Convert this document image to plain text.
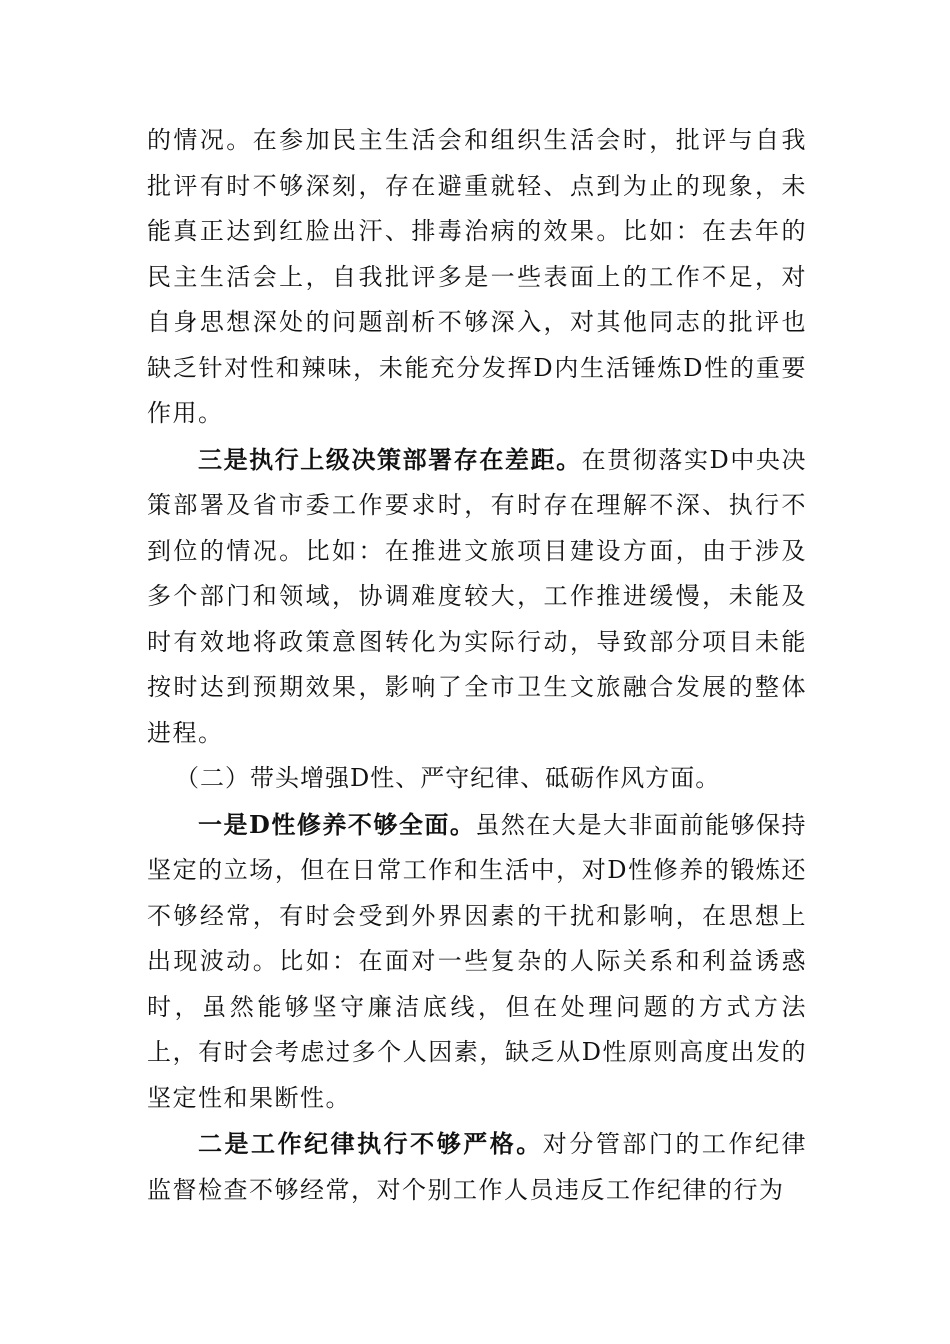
的情况。在参加民主生活会和组织生活会时，批评与自我批评有时不够深刻，存在避重就轻、点到为止的现象，未能真正达到红脸出汗、排毒治病的效果。比如：在去年的民主生活会上，自我批评多是一些表面上的工作不足，对自身思想深处的问题剖析不够深入，对其他同志的批评也缺乏针对性和辣味，未能充分发挥D内生活锤炼D性的重要作用。

三是执行上级决策部署存在差距。在贯彻落实D中央决策部署及省市委工作要求时，有时存在理解不深、执行不到位的情况。比如：在推进文旅项目建设方面，由于涉及多个部门和领域，协调难度较大，工作推进缓慢，未能及时有效地将政策意图转化为实际行动，导致部分项目未能按时达到预期效果，影响了全市卫生文旅融合发展的整体进程。

（二）带头增强D性、严守纪律、砥砺作风方面。

一是D性修养不够全面。虽然在大是大非面前能够保持坚定的立场，但在日常工作和生活中，对D性修养的锻炼还不够经常，有时会受到外界因素的干扰和影响，在思想上出现波动。比如：在面对一些复杂的人际关系和利益诱惑时，虽然能够坚守廉洁底线，但在处理问题的方式方法上，有时会考虑过多个人因素，缺乏从D性原则高度出发的坚定性和果断性。

二是工作纪律执行不够严格。对分管部门的工作纪律监督检查不够经常，对个别工作人员违反工作纪律的行为
